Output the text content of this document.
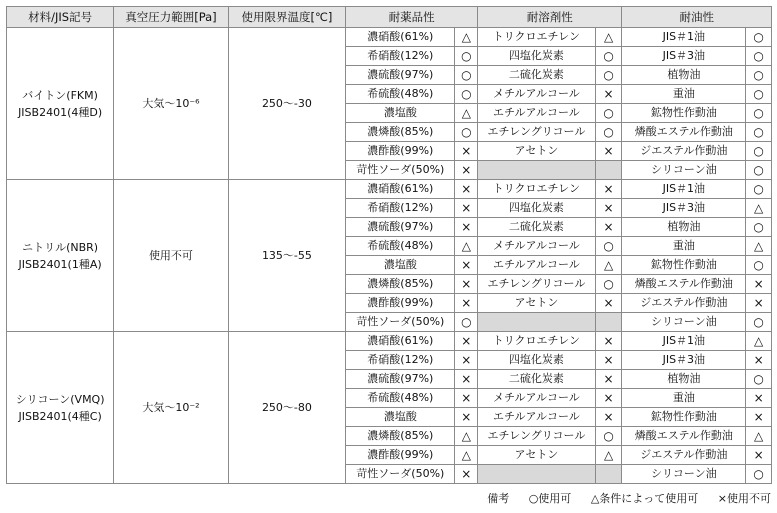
材料/JIS記号	真空圧力範囲[Pa]	使用限界温度[℃]	耐薬品性		耐溶剤性		耐油性	

バイトン(FKM)
JISB2401(4種D)	大気〜10⁻⁶	250〜-30	濃硝酸(61%)	△	トリクロエチレン	△	JIS＃1油	○
			希硝酸(12%)	○	四塩化炭素	○	JIS＃3油	○
			濃硫酸(97%)	○	二硫化炭素	○	植物油	○
			希硫酸(48%)	○	メチルアルコール	×	重油	○
			濃塩酸	△	エチルアルコール	○	鉱物性作動油	○
			濃燐酸(85%)	○	エチレングリコール	○	燐酸エステル作動油	○
			濃酢酸(99%)	×	アセトン	×	ジエステル作動油	○
			苛性ソーダ(50%)	×			シリコーン油	○

ニトリル(NBR)
JISB2401(1種A)	使用不可	135〜-55	濃硝酸(61%)	×	トリクロエチレン	×	JIS＃1油	○
			希硝酸(12%)	×	四塩化炭素	×	JIS＃3油	△
			濃硫酸(97%)	×	二硫化炭素	×	植物油	○
			希硫酸(48%)	△	メチルアルコール	○	重油	△
			濃塩酸	×	エチルアルコール	△	鉱物性作動油	○
			濃燐酸(85%)	×	エチレングリコール	○	燐酸エステル作動油	×
			濃酢酸(99%)	×	アセトン	×	ジエステル作動油	×
			苛性ソーダ(50%)	○			シリコーン油	○

シリコーン(VMQ)
JISB2401(4種C)	大気〜10⁻²	250〜-80	濃硝酸(61%)	×	トリクロエチレン	×	JIS＃1油	△
			希硝酸(12%)	×	四塩化炭素	×	JIS＃3油	×
			濃硫酸(97%)	×	二硫化炭素	×	植物油	○
			希硫酸(48%)	×	メチルアルコール	×	重油	×
			濃塩酸	×	エチルアルコール	×	鉱物性作動油	×
			濃燐酸(85%)	△	エチレングリコール	○	燐酸エステル作動油	△
			濃酢酸(99%)	△	アセトン	△	ジエステル作動油	×
			苛性ソーダ(50%)	×			シリコーン油	○
備考 ○使用可 △条件によって使用可 ×使用不可
